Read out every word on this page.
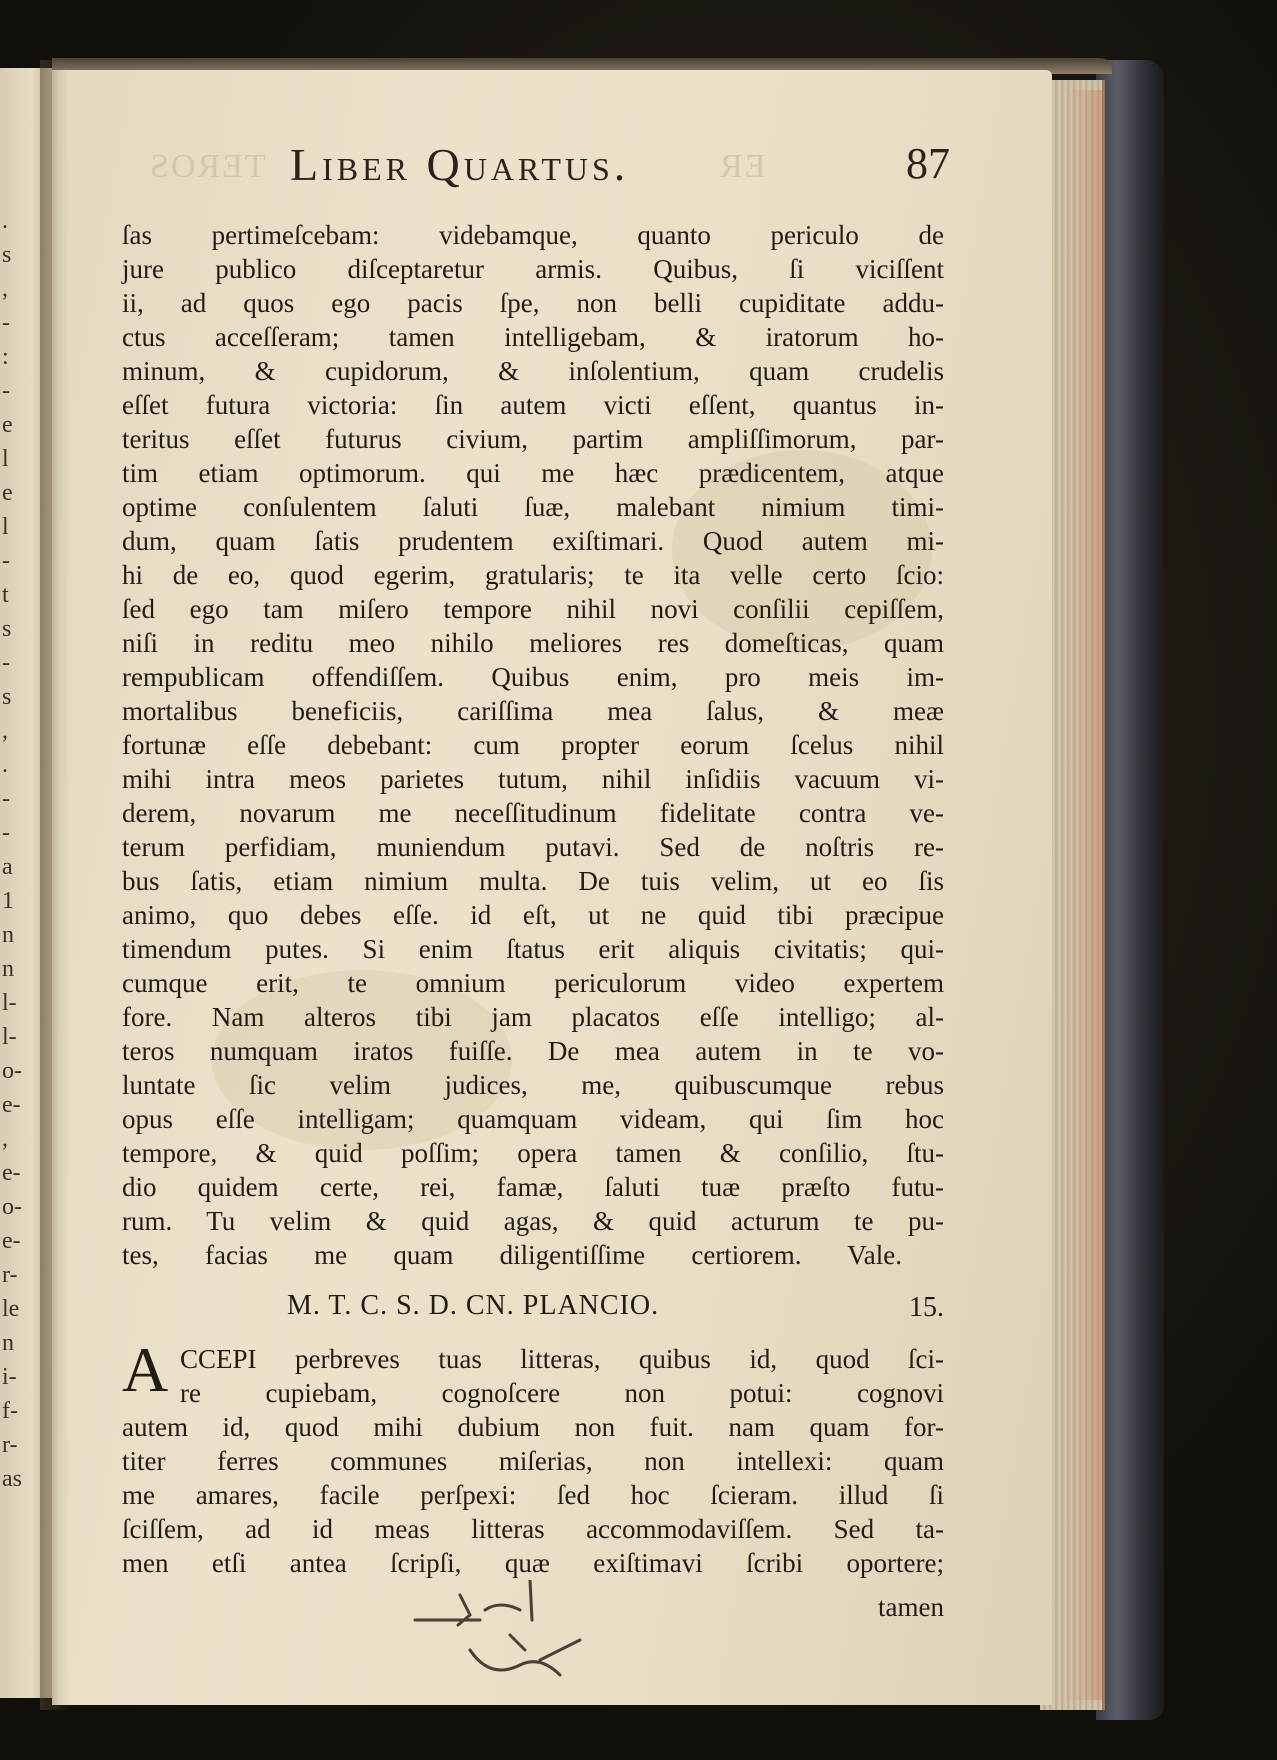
.
s
,
-
:
-
e
l
e
l
-
t
s
-
s
,
.
-
-
a
1
n
n
l-
l-
o-
e-
,
e-
o-
e-
r-
le
n
i-
f-
r-
as
ƧOЯƎТ	ЯƎ
Liber Quartus.	87
ſas pertimeſcebam: videbamque, quanto periculo de
jure publico diſceptaretur armis. Quibus, ſi viciſſent
ii, ad quos ego pacis ſpe, non belli cupiditate addu-
ctus acceſſeram; tamen intelligebam, & iratorum ho-
minum, & cupidorum, & inſolentium, quam crudelis
eſſet futura victoria: ſin autem victi eſſent, quantus in-
teritus eſſet futurus civium, partim ampliſſimorum, par-
tim etiam optimorum. qui me hæc prædicentem, atque
optime conſulentem ſaluti ſuæ, malebant nimium timi-
dum, quam ſatis prudentem exiſtimari. Quod autem mi-
hi de eo, quod egerim, gratularis; te ita velle certo ſcio:
ſed ego tam miſero tempore nihil novi conſilii cepiſſem,
niſi in reditu meo nihilo meliores res domeſticas, quam
rempublicam offendiſſem. Quibus enim, pro meis im-
mortalibus beneficiis, cariſſima mea ſalus, & meæ
fortunæ eſſe debebant: cum propter eorum ſcelus nihil
mihi intra meos parietes tutum, nihil inſidiis vacuum vi-
derem, novarum me neceſſitudinum fidelitate contra ve-
terum perfidiam, muniendum putavi. Sed de noſtris re-
bus ſatis, etiam nimium multa. De tuis velim, ut eo ſis
animo, quo debes eſſe. id eſt, ut ne quid tibi præcipue
timendum putes. Si enim ſtatus erit aliquis civitatis; qui-
cumque erit, te omnium periculorum video expertem
fore. Nam alteros tibi jam placatos eſſe intelligo; al-
teros numquam iratos fuiſſe. De mea autem in te vo-
luntate ſic velim judices, me, quibuscumque rebus
opus eſſe intelligam; quamquam videam, qui ſim hoc
tempore, & quid poſſim; opera tamen & conſilio, ſtu-
dio quidem certe, rei, famæ, ſaluti tuæ præſto futu-
rum. Tu velim & quid agas, & quid acturum te pu-
tes, facias me quam diligentiſſime certiorem. Vale.
M. T. C. S. D. CN. PLANCIO.	15.
A CCEPI perbreves tuas litteras, quibus id, quod ſci-
re cupiebam, cognoſcere non potui: cognovi
autem id, quod mihi dubium non fuit. nam quam for-
titer ferres communes miſerias, non intellexi: quam
me amares, facile perſpexi: ſed hoc ſcieram. illud ſi
ſciſſem, ad id meas litteras accommodaviſſem. Sed ta-
men etſi antea ſcripſi, quæ exiſtimavi ſcribi oportere;
tamen
